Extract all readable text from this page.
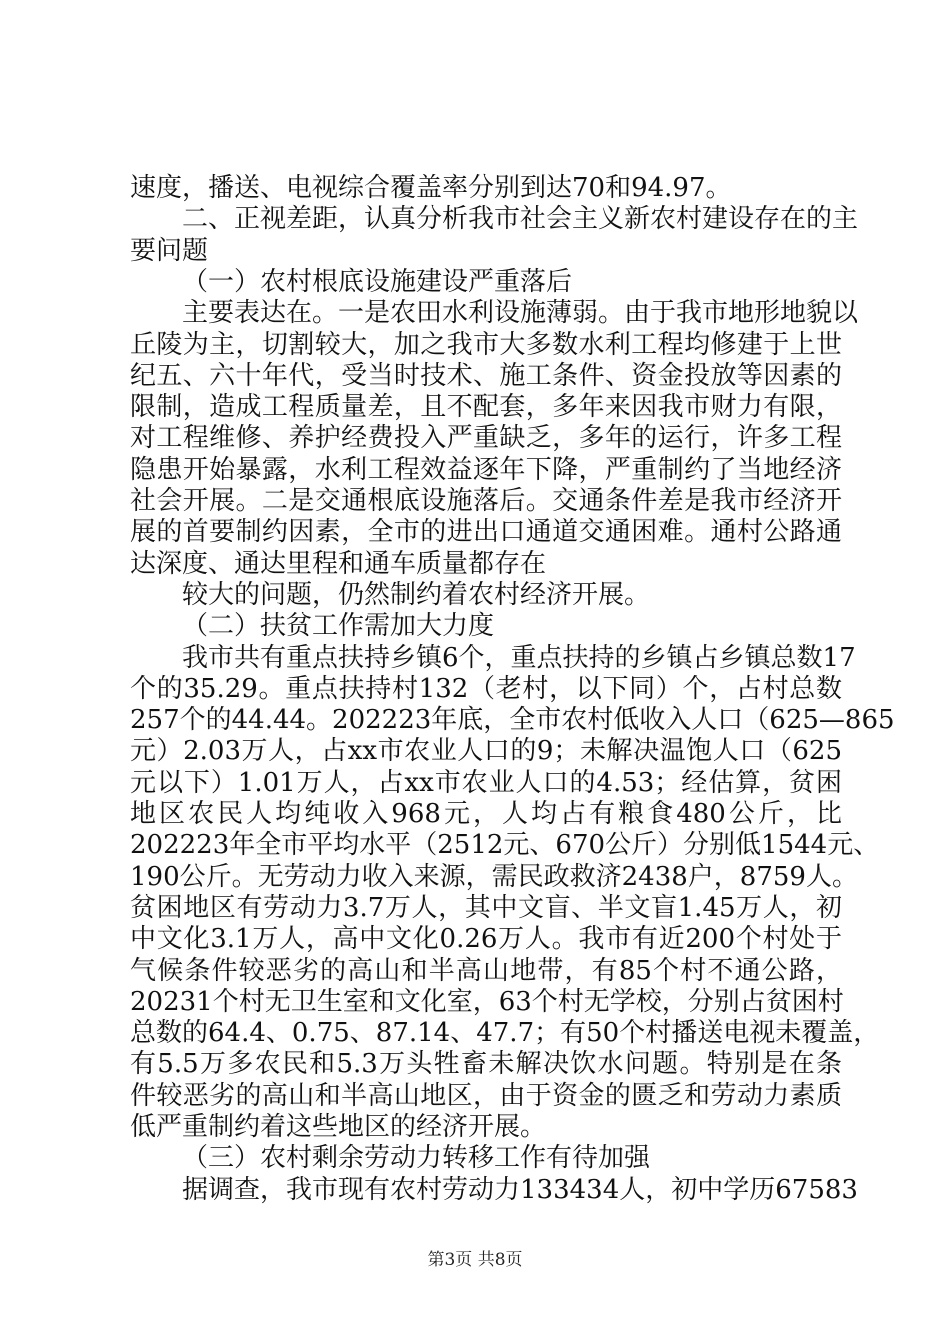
速度，播送、电视综合覆盖率分别到达70和94.97。
二、正视差距，认真分析我市社会主义新农村建设存在的主
要问题
（一）农村根底设施建设严重落后
主要表达在。一是农田水利设施薄弱。由于我市地形地貌以
丘陵为主，切割较大，加之我市大多数水利工程均修建于上世
纪五、六十年代，受当时技术、施工条件、资金投放等因素的
限制，造成工程质量差，且不配套，多年来因我市财力有限，
对工程维修、养护经费投入严重缺乏，多年的运行，许多工程
隐患开始暴露，水利工程效益逐年下降，严重制约了当地经济
社会开展。二是交通根底设施落后。交通条件差是我市经济开
展的首要制约因素，全市的进出口通道交通困难。通村公路通
达深度、通达里程和通车质量都存在
较大的问题，仍然制约着农村经济开展。
（二）扶贫工作需加大力度
我市共有重点扶持乡镇6个，重点扶持的乡镇占乡镇总数17
个的35.29。重点扶持村132（老村，以下同）个，占村总数
257个的44.44。202223年底，全市农村低收入人口（625—865
元）2.03万人，占xx市农业人口的9；未解决温饱人口（625
元以下）1.01万人，占xx市农业人口的4.53；经估算，贫困
地区农民人均纯收入968元，人均占有粮食480公斤，比
202223年全市平均水平（2512元、670公斤）分别低1544元、
190公斤。无劳动力收入来源，需民政救济2438户，8759人。
贫困地区有劳动力3.7万人，其中文盲、半文盲1.45万人，初
中文化3.1万人，高中文化0.26万人。我市有近200个村处于
气候条件较恶劣的高山和半高山地带，有85个村不通公路，
20231个村无卫生室和文化室，63个村无学校，分别占贫困村
总数的64.4、0.75、87.14、47.7；有50个村播送电视未覆盖，
有5.5万多农民和5.3万头牲畜未解决饮水问题。特别是在条
件较恶劣的高山和半高山地区，由于资金的匮乏和劳动力素质
低严重制约着这些地区的经济开展。
（三）农村剩余劳动力转移工作有待加强
据调查，我市现有农村劳动力133434人，初中学历67583
第3页 共8页
